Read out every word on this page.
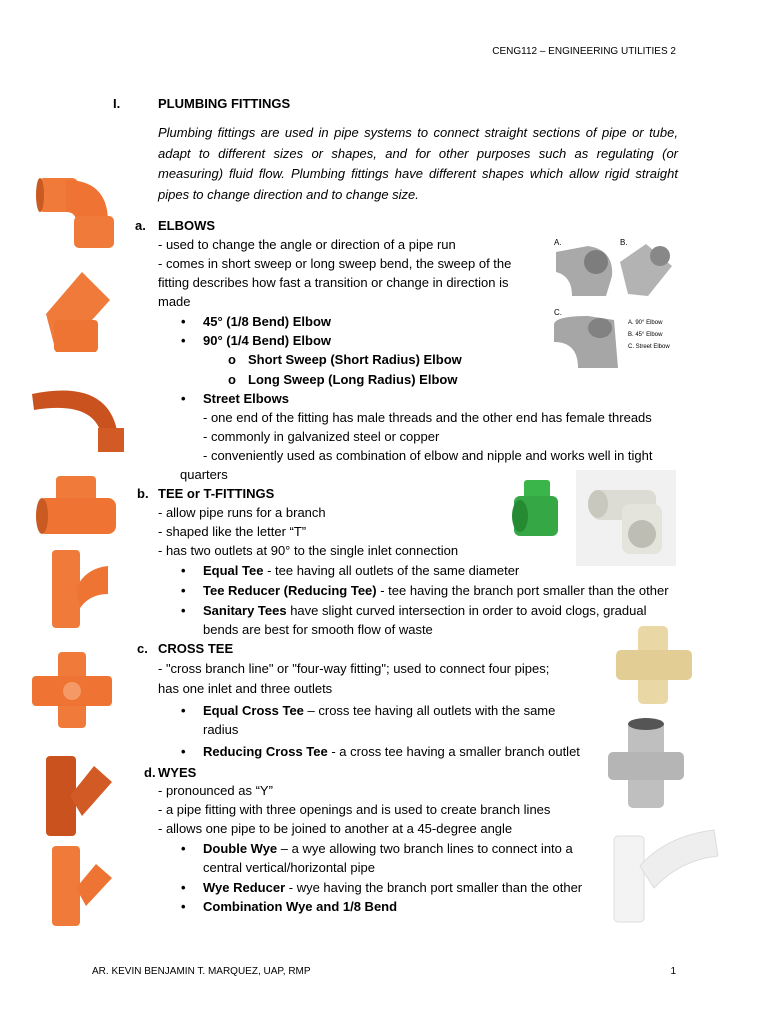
CENG112 – ENGINEERING UTILITIES 2
I.	PLUMBING FITTINGS
Plumbing fittings are used in pipe systems to connect straight sections of pipe or tube, adapt to different sizes or shapes, and for other purposes such as regulating (or measuring) fluid flow. Plumbing fittings have different shapes which allow rigid straight pipes to change direction and to change size.
a. ELBOWS
- used to change the angle or direction of a pipe run
- comes in short sweep or long sweep bend, the sweep of the
fitting describes how fast a transition or change in direction is
made
• 45° (1/8 Bend) Elbow
• 90° (1/4 Bend) Elbow
o Short Sweep (Short Radius) Elbow
o Long Sweep (Long Radius) Elbow
• Street Elbows
- one end of the fitting has male threads and the other end has female threads
- commonly in galvanized steel or copper
- conveniently used as combination of elbow and nipple and works well in tight
quarters
b. TEE or T-FITTINGS
- allow pipe runs for a branch
- shaped like the letter “T”
- has two outlets at 90° to the single inlet connection
• Equal Tee - tee having all outlets of the same diameter
• Tee Reducer (Reducing Tee) - tee having the branch port smaller than the other
• Sanitary Tees have slight curved intersection in order to avoid clogs, gradual
bends are best for smooth flow of waste
c. CROSS TEE
- "cross branch line" or "four-way fitting"; used to connect four pipes;
has one inlet and three outlets
• Equal Cross Tee – cross tee having all outlets with the same
radius
• Reducing Cross Tee - a cross tee having a smaller branch outlet
d. WYES
- pronounced as “Y”
- a pipe fitting with three openings and is used to create branch lines
- allows one pipe to be joined to another at a 45-degree angle
• Double Wye – a wye allowing two branch lines to connect into a
central vertical/horizontal pipe
• Wye Reducer - wye having the branch port smaller than the other
• Combination Wye and 1/8 Bend
A.	B.
C.
A. 90° Elbow
B. 45° Elbow
C. Street Elbow
AR. KEVIN BENJAMIN T. MARQUEZ, UAP, RMP	1
